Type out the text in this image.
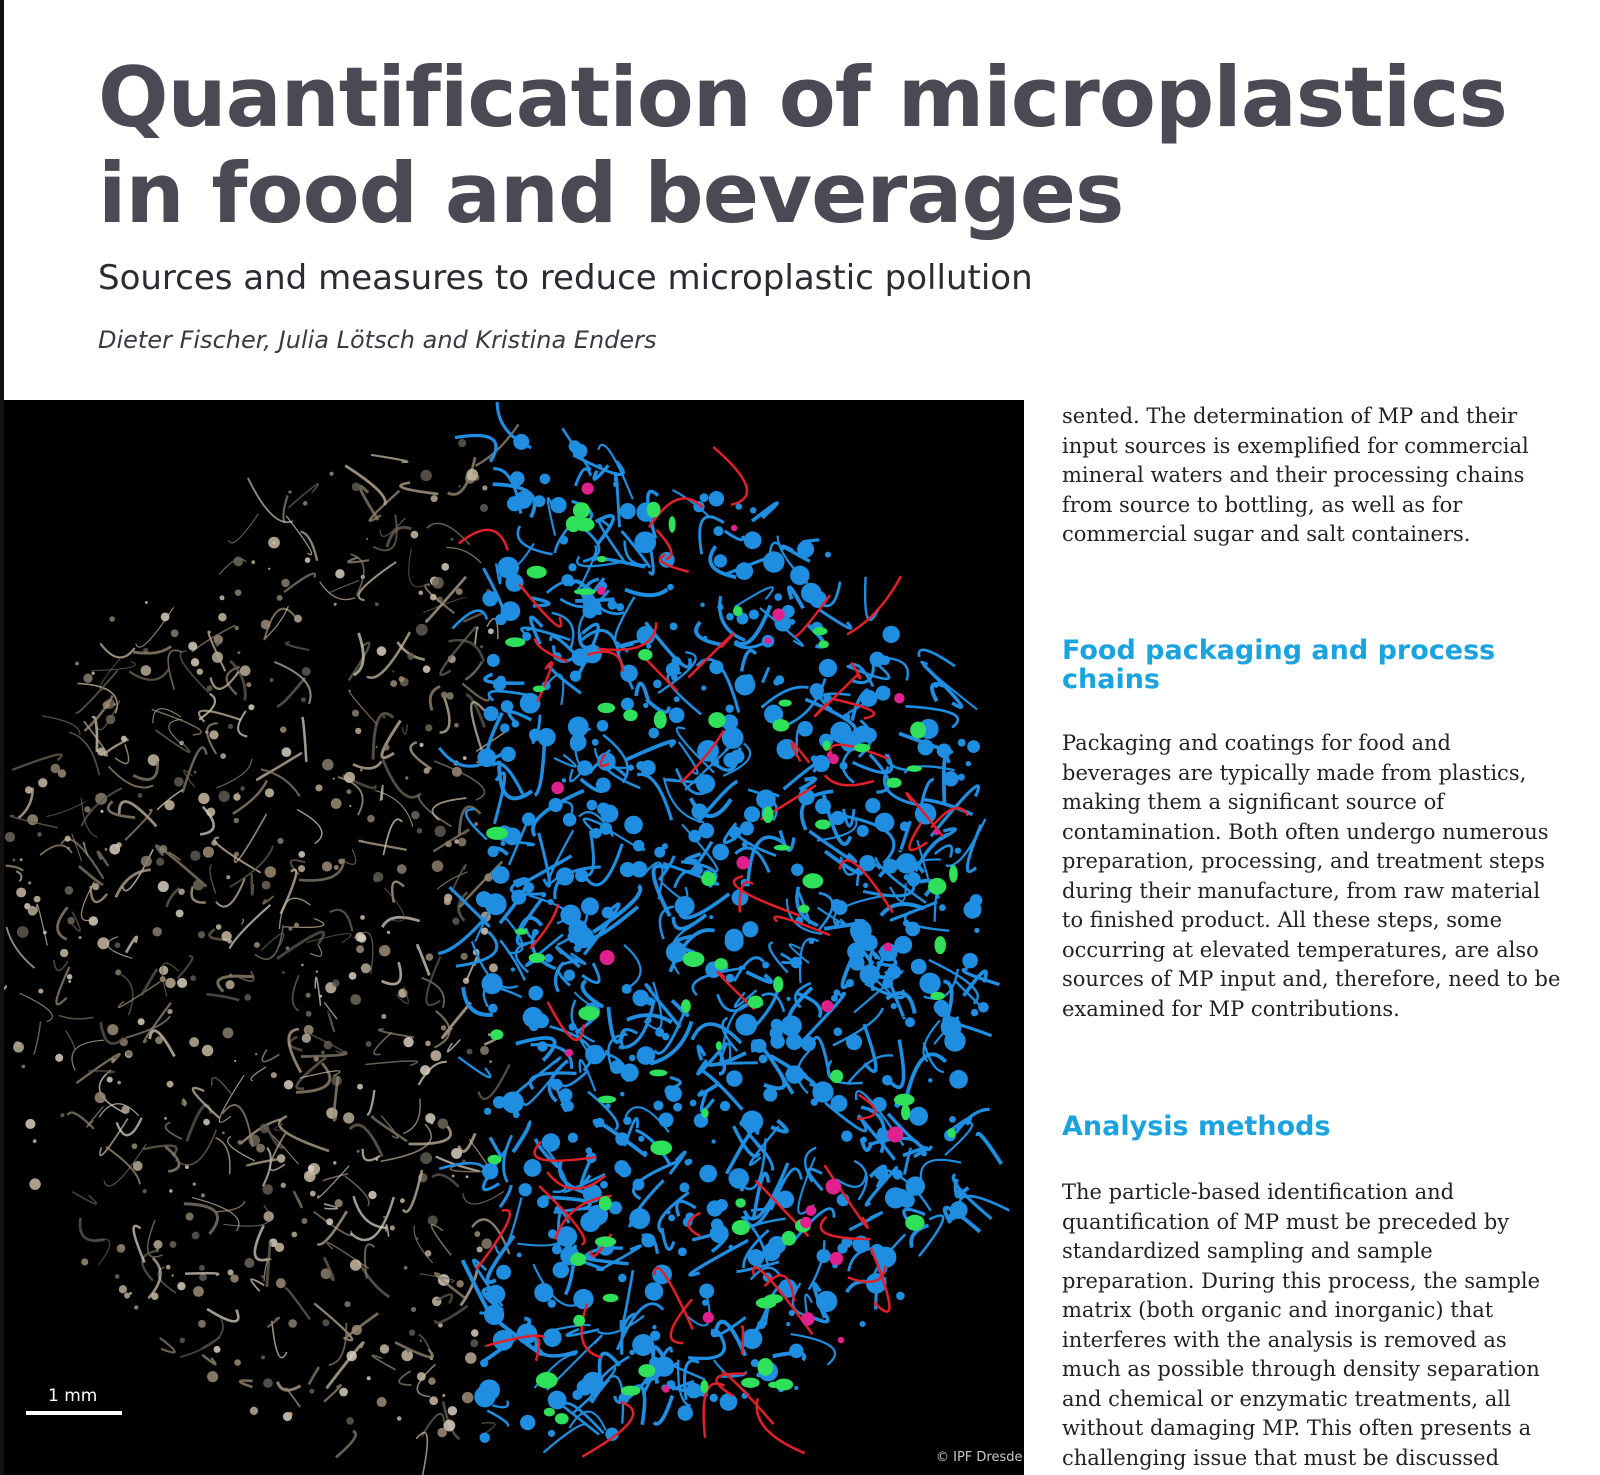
Quantification of microplastics in food and beverages
Sources and measures to reduce microplastic pollution

Dieter Fischer, Julia Lötsch and Kristina Enders

1 mm
© IPF Dresde

sented. The determination of MP and their input sources is exemplified for commercial mineral waters and their processing chains from source to bottling, as well as for commercial sugar and salt containers.

Food packaging and process chains

Packaging and coatings for food and beverages are typically made from plastics, making them a significant source of contamination. Both often undergo numerous preparation, processing, and treatment steps during their manufacture, from raw material to finished product. All these steps, some occurring at elevated temperatures, are also sources of MP input and, therefore, need to be examined for MP contributions.

Analysis methods

The particle-based identification and quantification of MP must be preceded by standardized sampling and sample preparation. During this process, the sample matrix (both organic and inorganic) that interferes with the analysis is removed as much as possible through density separation and chemical or enzymatic treatments, all without damaging MP. This often presents a challenging issue that must be discussed
